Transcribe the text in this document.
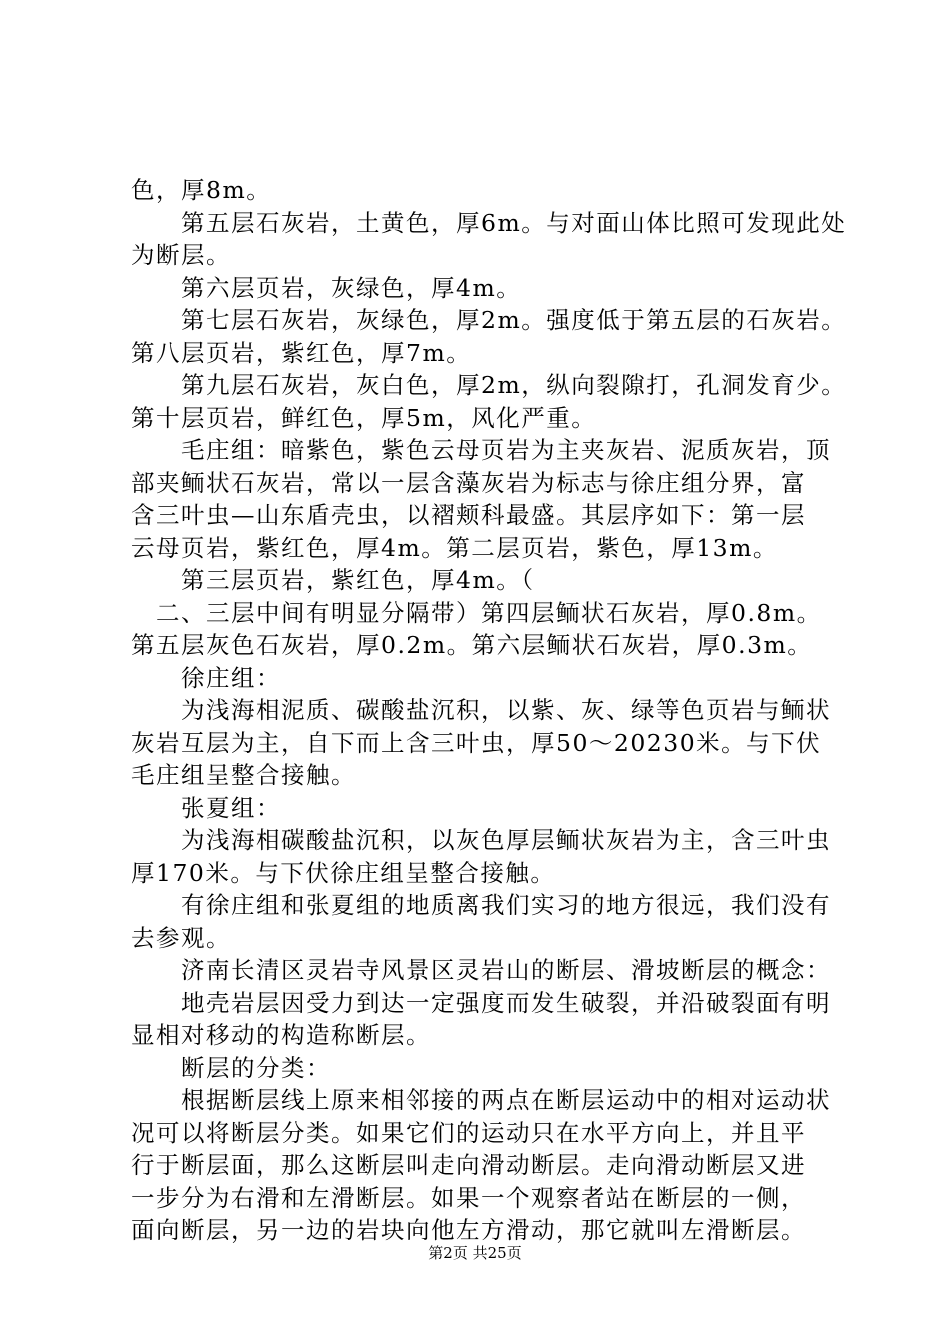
色，厚8m。

　　第五层石灰岩，土黄色，厚6m。与对面山体比照可发现此处

为断层。

　　第六层页岩，灰绿色，厚4m。

　　第七层石灰岩，灰绿色，厚2m。强度低于第五层的石灰岩。

第八层页岩，紫红色，厚7m。

　　第九层石灰岩，灰白色，厚2m，纵向裂隙打，孔洞发育少。

第十层页岩，鲜红色，厚5m，风化严重。

　　毛庄组：暗紫色，紫色云母页岩为主夹灰岩、泥质灰岩，顶

部夹鲕状石灰岩，常以一层含藻灰岩为标志与徐庄组分界，富

含三叶虫—山东盾壳虫，以褶颊科最盛。其层序如下：第一层

云母页岩，紫红色，厚4m。第二层页岩，紫色，厚13m。

　　第三层页岩，紫红色，厚4m。（

　二、三层中间有明显分隔带）第四层鲕状石灰岩，厚0.8m。

第五层灰色石灰岩，厚0.2m。第六层鲕状石灰岩，厚0.3m。

　　徐庄组：

　　为浅海相泥质、碳酸盐沉积，以紫、灰、绿等色页岩与鲕状

灰岩互层为主，自下而上含三叶虫，厚50～20230米。与下伏

毛庄组呈整合接触。

　　张夏组：

　　为浅海相碳酸盐沉积，以灰色厚层鲕状灰岩为主，含三叶虫

厚170米。与下伏徐庄组呈整合接触。

　　有徐庄组和张夏组的地质离我们实习的地方很远，我们没有

去参观。

　　济南长清区灵岩寺风景区灵岩山的断层、滑坡断层的概念：

　　地壳岩层因受力到达一定强度而发生破裂，并沿破裂面有明

显相对移动的构造称断层。

　　断层的分类：

　　根据断层线上原来相邻接的两点在断层运动中的相对运动状

况可以将断层分类。如果它们的运动只在水平方向上，并且平

行于断层面，那么这断层叫走向滑动断层。走向滑动断层又进

一步分为右滑和左滑断层。如果一个观察者站在断层的一侧，

面向断层，另一边的岩块向他左方滑动，那它就叫左滑断层。

第2页 共25页
